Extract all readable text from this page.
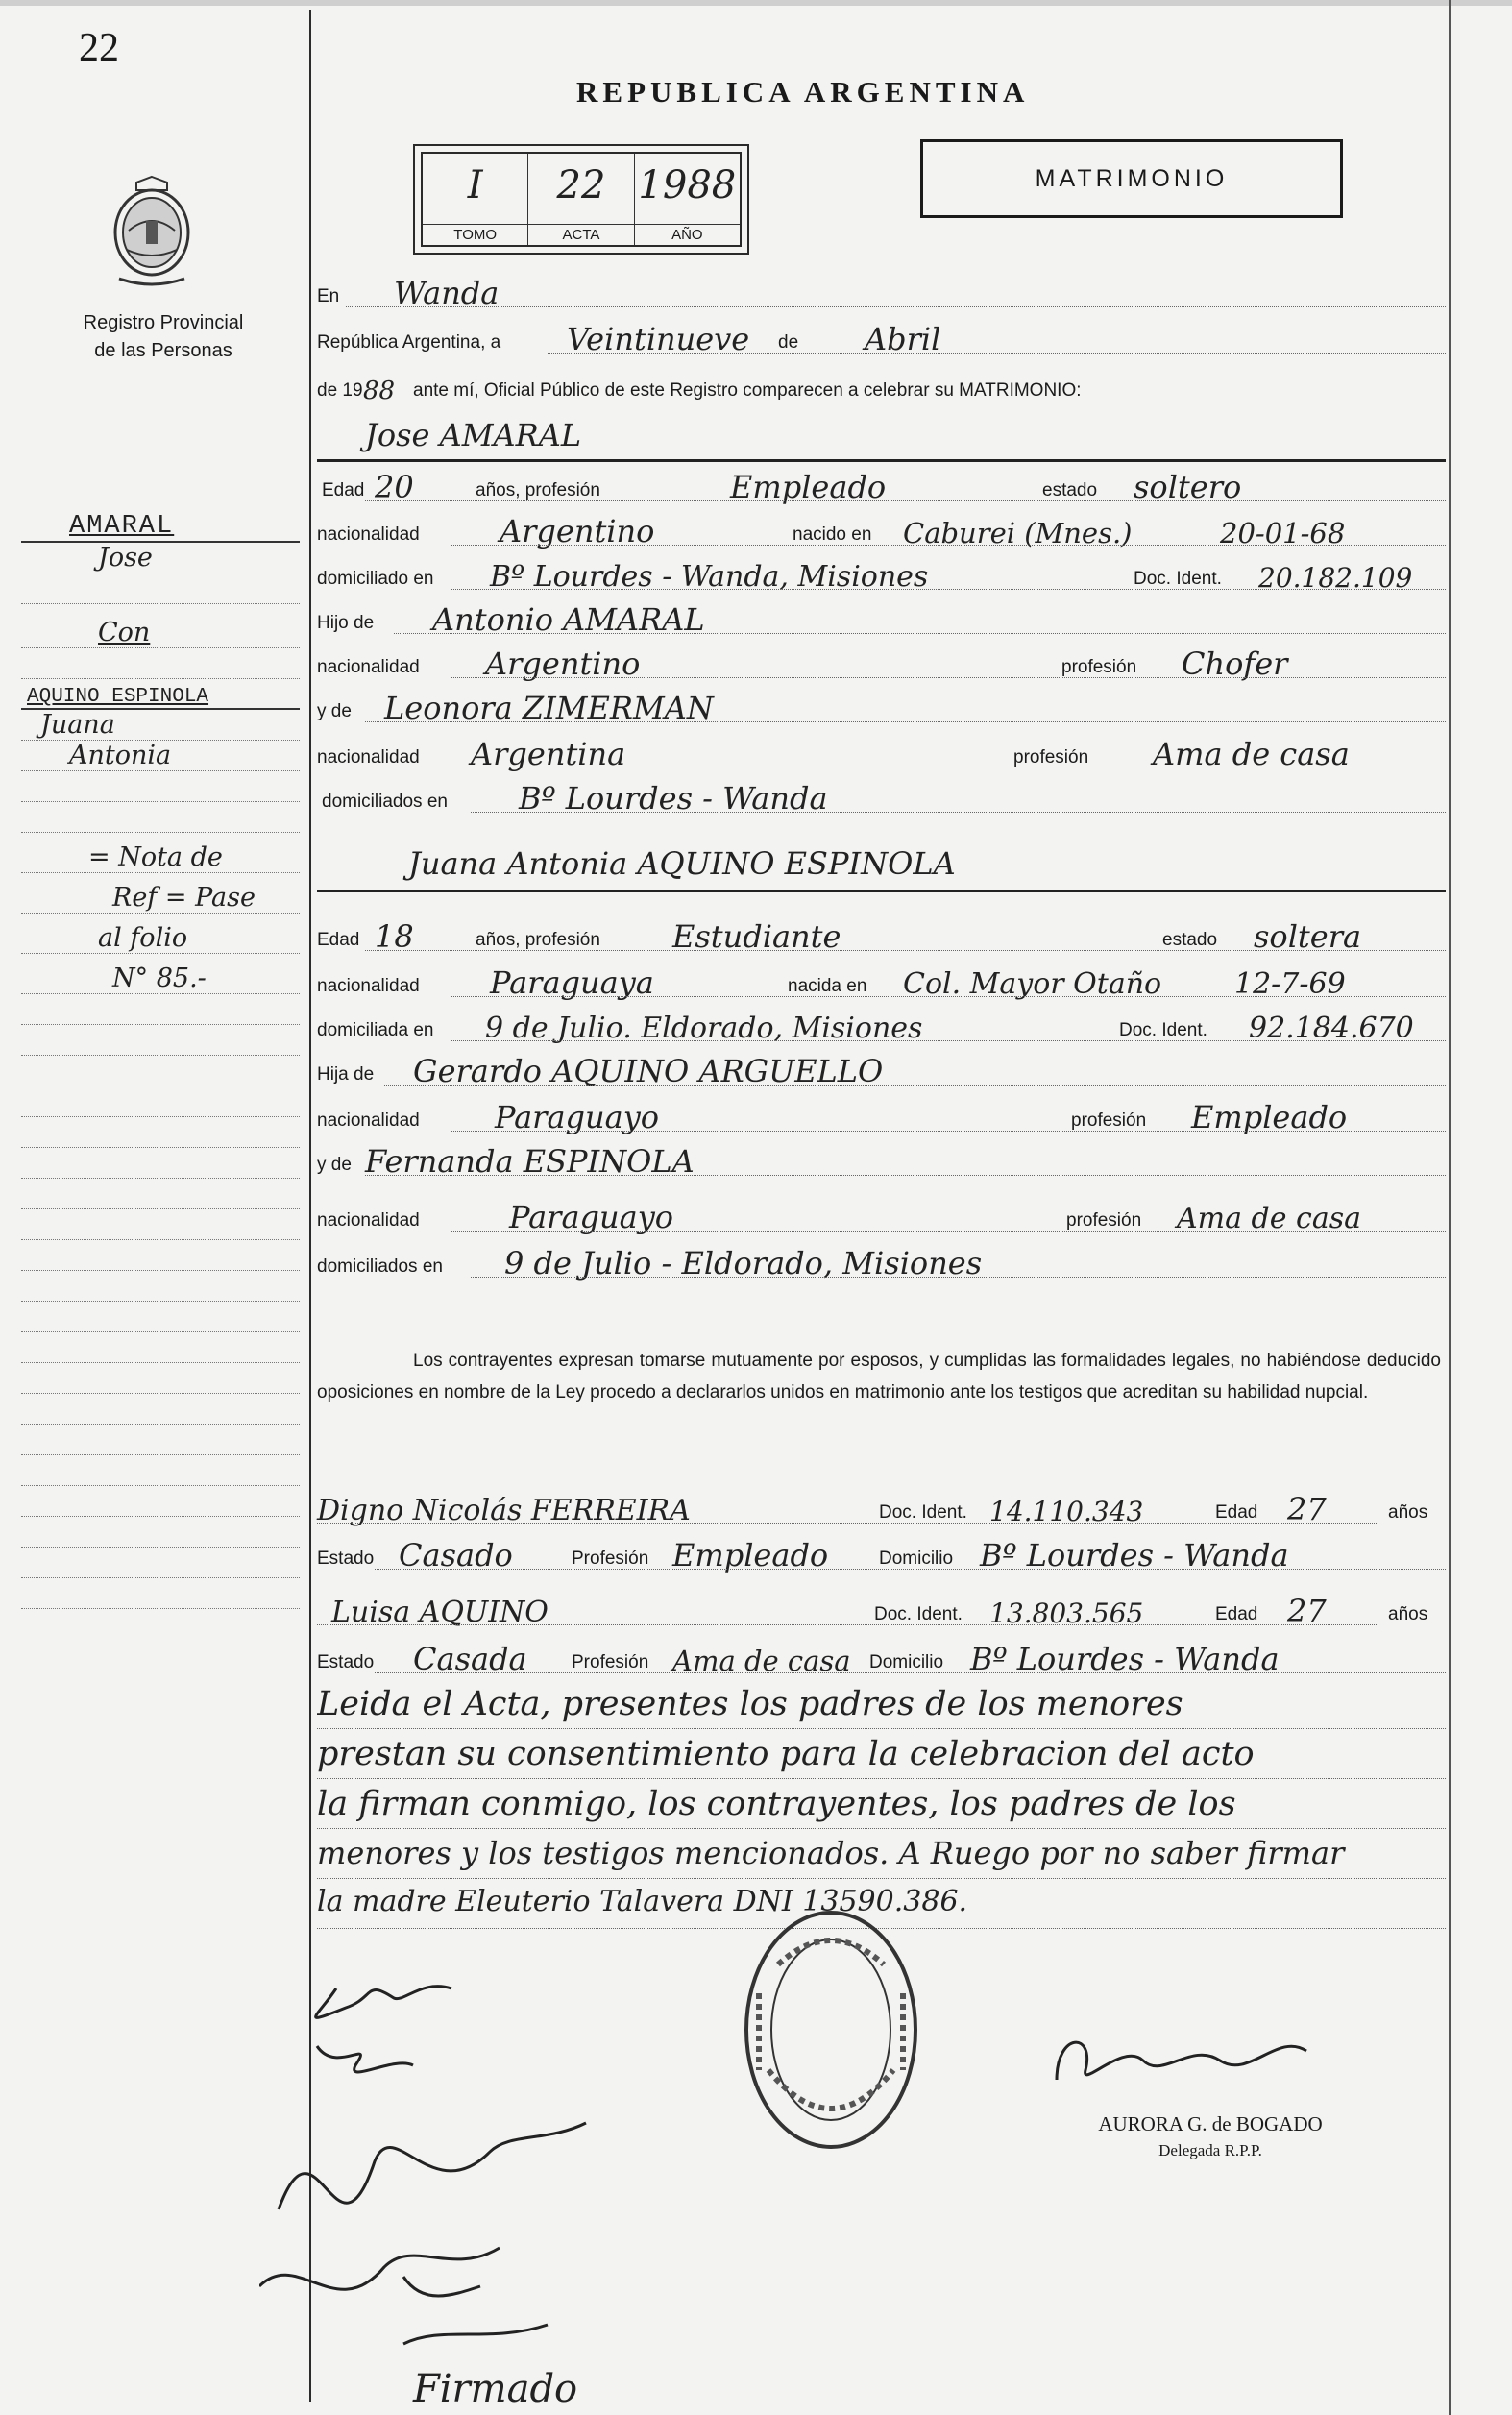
22
Registro Provincial
de las Personas
AMARAL
Jose
Con
AQUINO ESPINOLA
Juana
Antonia
= Nota de
Ref = Pase
al folio
N° 85.-
REPUBLICA ARGENTINA
I
TOMO
22
ACTA
1988
AÑO
MATRIMONIO
En Wanda
República Argentina, a Veintinueve de Abril
de 19 88 ante mí, Oficial Público de este Registro comparecen a celebrar su MATRIMONIO:
Jose AMARAL
Edad 20	años, profesión	Empleado	estado soltero
nacionalidad	Argentino	nacido en Caburei (Mnes.)	20-01-68
domiciliado en Bº Lourdes - Wanda, Misiones	Doc. Ident. 20.182.109
Hijo de Antonio AMARAL
nacionalidad Argentino	profesión Chofer
y de Leonora ZIMERMAN
nacionalidad Argentina	profesión Ama de casa
domiciliados en Bº Lourdes - Wanda
Juana Antonia AQUINO ESPINOLA
Edad 18	años, profesión Estudiante	estado soltera
nacionalidad Paraguaya	nacida en Col. Mayor Otaño	12-7-69
domiciliada en 9 de Julio. Eldorado, Misiones	Doc. Ident. 92.184.670
Hija de Gerardo AQUINO ARGUELLO
nacionalidad Paraguayo	profesión Empleado
y de Fernanda ESPINOLA
nacionalidad	Paraguayo	profesión Ama de casa
domiciliados en 9 de Julio - Eldorado, Misiones

Los contrayentes expresan tomarse mutuamente por esposos, y cumplidas las formalidades legales, no habiéndose deducido oposiciones en nombre de la Ley procedo a declararlos unidos en matrimonio ante los testigos que acreditan su habilidad nupcial.

Digno Nicolás FERREIRA	Doc. Ident. 14.110.343	Edad 27	años
Estado Casado	Profesión Empleado	Domicilio Bº Lourdes - Wanda
Luisa AQUINO	Doc. Ident. 13.803.565	Edad 27	años
Estado Casada Profesión Ama de casa Domicilio Bº Lourdes - Wanda
Leida el Acta, presentes los padres de los menores
prestan su consentimiento para la celebracion del acto
la firman conmigo, los contrayentes, los padres de los
menores y los testigos mencionados. A Ruego por no saber firmar
la madre Eleuterio Talavera DNI 13590.386.
Firmado
AURORA G. de BOGADO
Delegada R.P.P.
